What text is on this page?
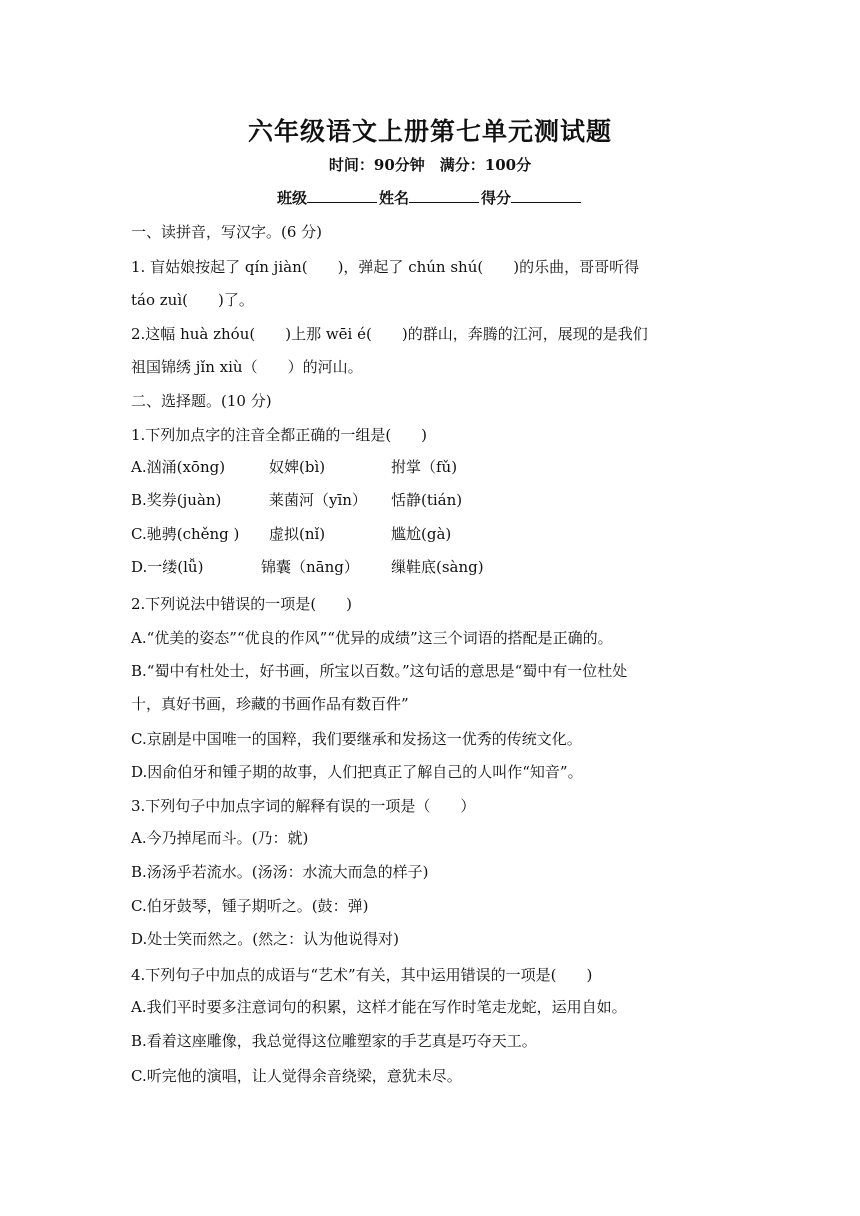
六年级语文上册第七单元测试题
时间：90分钟　满分：100分
班级	姓名	得分
一、读拼音，写汉字。(6 分)
1. 盲姑娘按起了 qín jiàn(　　)，弹起了 chún shú(　　)的乐曲，哥哥听得
táo zuì(　　)了。
2.这幅 huà zhóu(　　)上那 wēi é(　　)的群山，奔腾的江河，展现的是我们
祖国锦绣 jǐn xiù（　　）的河山。
二、选择题。(10 分)
1.下列加点字的注音全都正确的一组是(　　)
A.汹涌(xōng)	奴婢(bì)	拊掌（fǔ)
B.奖券(juàn)	莱菌河（yīn） 恬静(tián)
C.驰骋(chěng ) 虚拟(nǐ)	尴尬(gà)
D.一缕(lǚ)	锦囊（nāng） 缫鞋底(sàng)
2.下列说法中错误的一项是(　　)
A.“优美的姿态”“优良的作风”“优异的成绩”这三个词语的搭配是正确的。
B.“蜀中有杜处士，好书画，所宝以百数。”这句话的意思是“蜀中有一位杜处
十，真好书画，珍藏的书画作品有数百件”
C.京剧是中国唯一的国粹，我们要继承和发扬这一优秀的传统文化。
D.因俞伯牙和锺子期的故事，人们把真正了解自己的人叫作“知音”。
3.下列句子中加点字词的解释有误的一项是（　　）
A.今乃掉尾而斗。(乃：就)
B.汤汤乎若流水。(汤汤：水流大而急的样子)
C.伯牙鼓琴，锺子期听之。(鼓：弹)
D.处士笑而然之。(然之：认为他说得对)
4.下列句子中加点的成语与“艺术”有关，其中运用错误的一项是(　　)
A.我们平时要多注意词句的积累，这样才能在写作时笔走龙蛇，运用自如。
B.看着这座雕像，我总觉得这位雕塑家的手艺真是巧夺天工。
C.听完他的演唱，让人觉得余音绕梁，意犹未尽。
